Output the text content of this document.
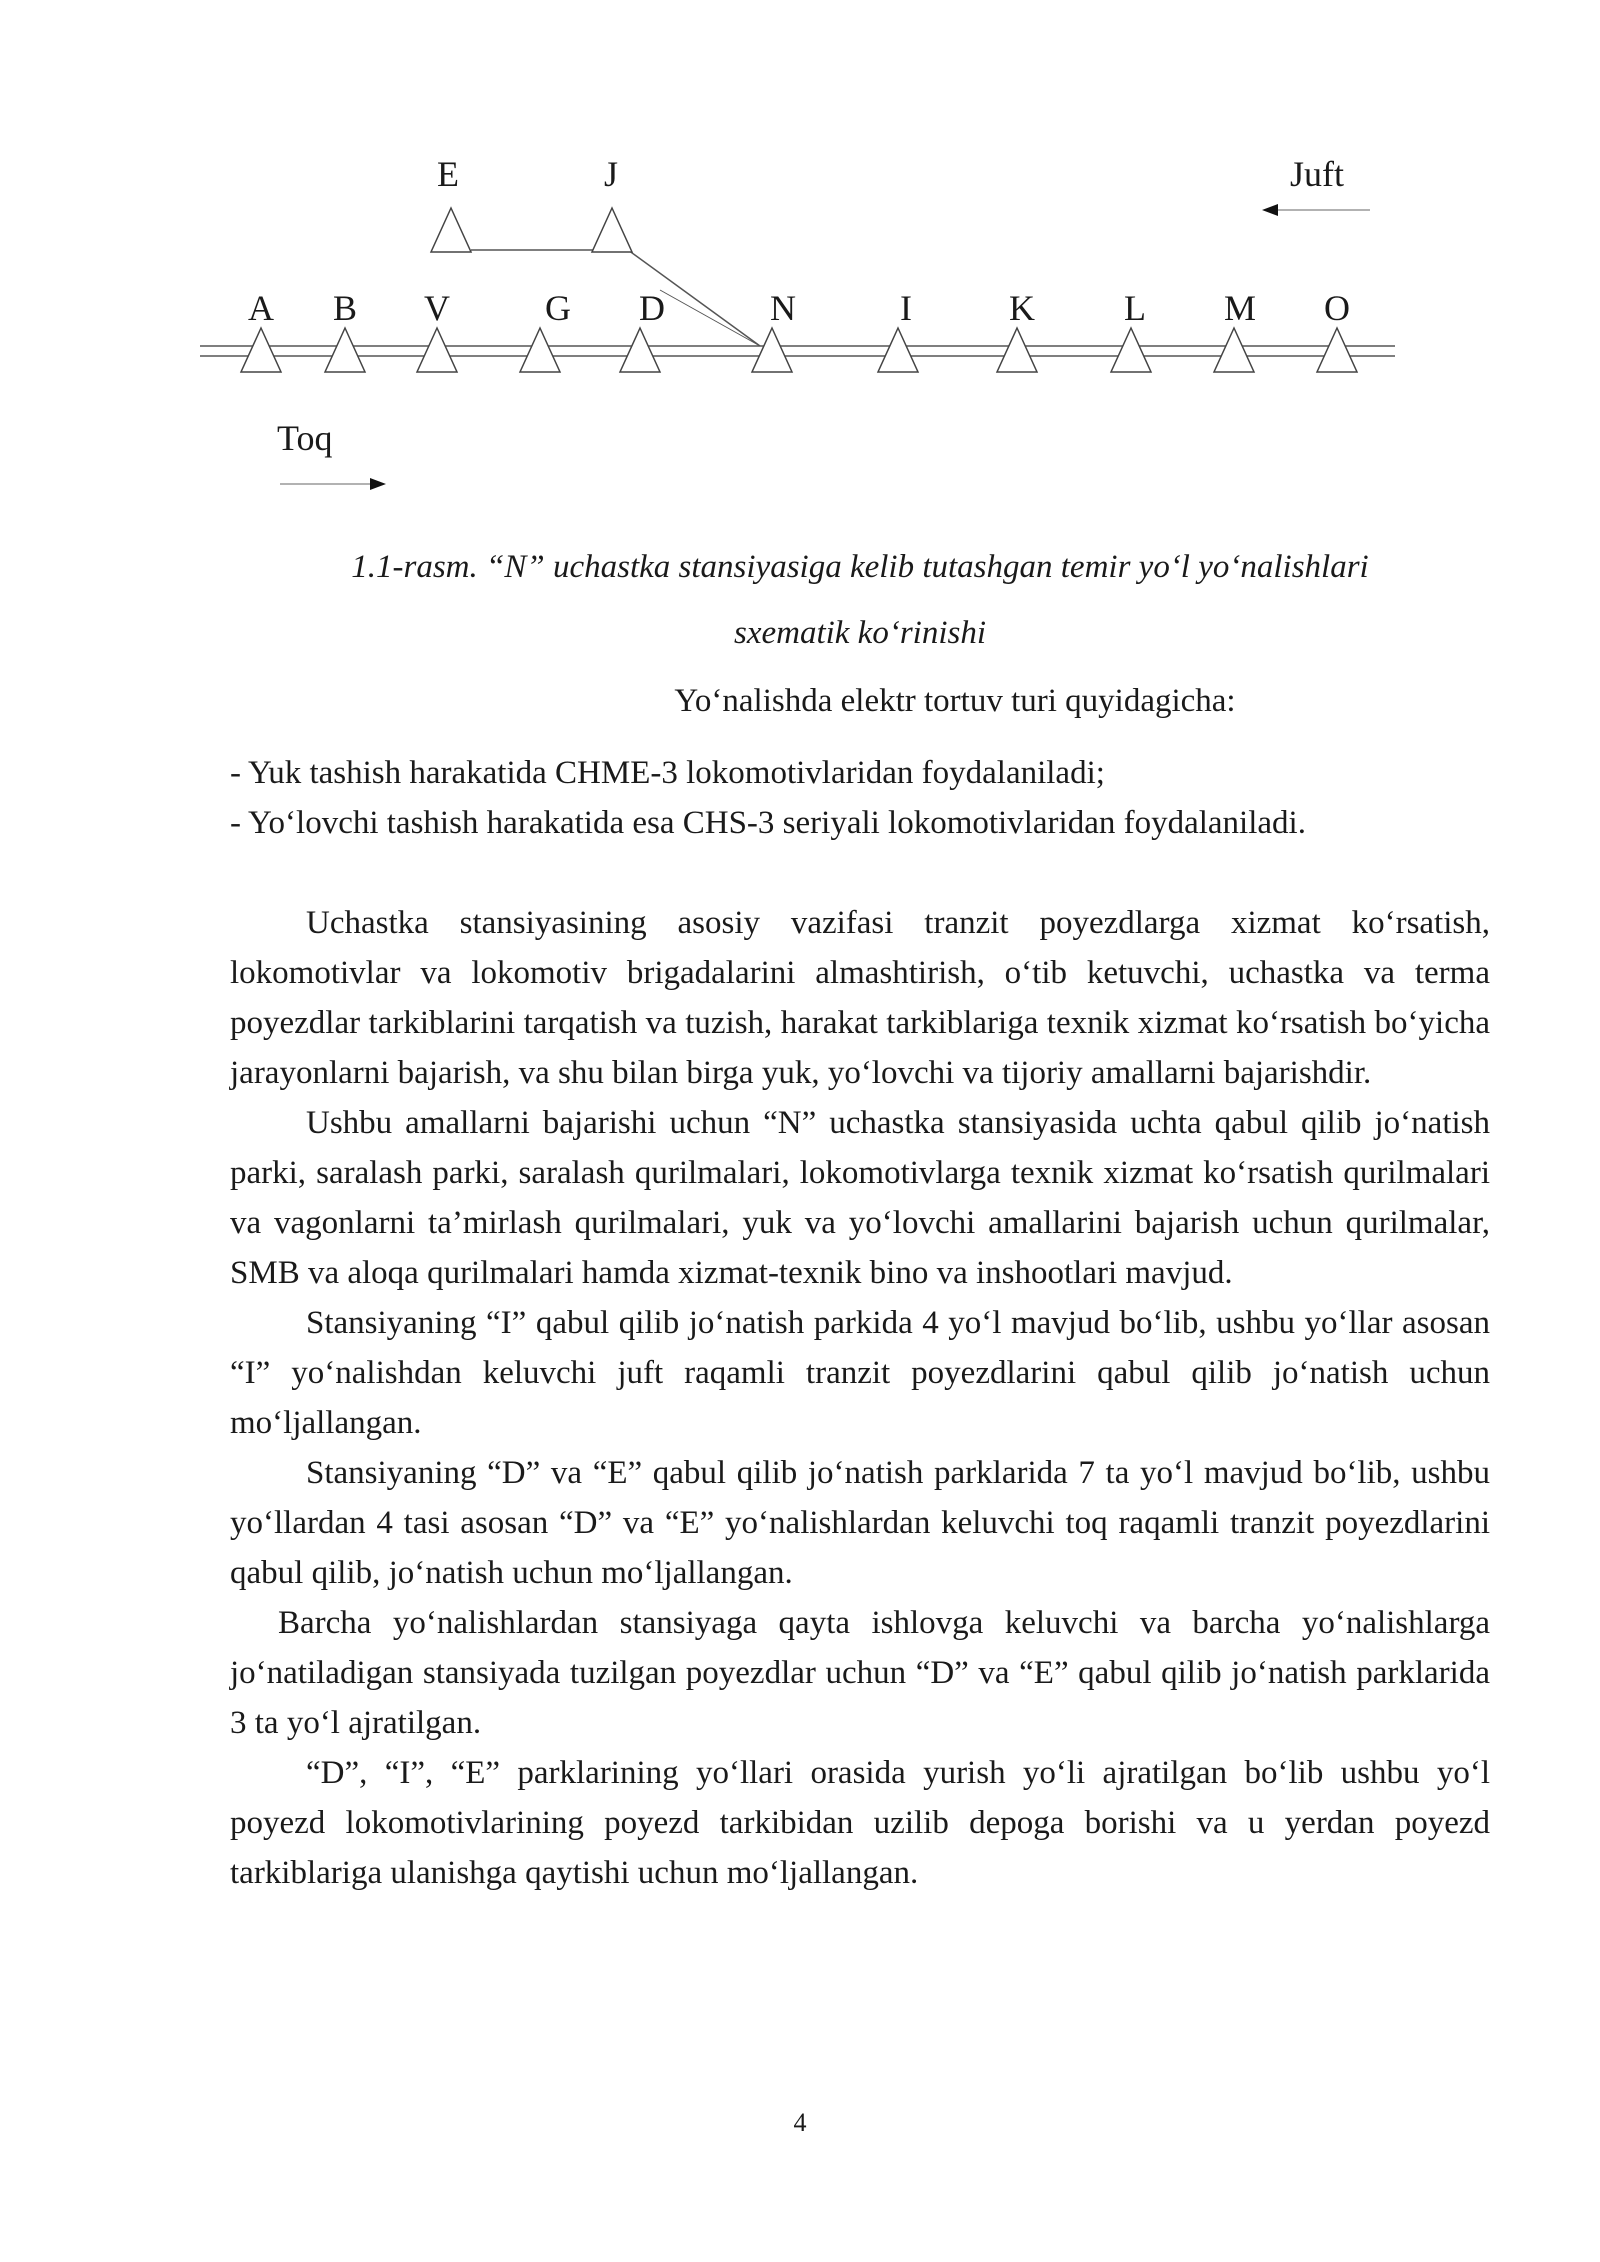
E	J	Juft
Toq
A B V	G D	N	I	K L M O

1.1-rasm. “N” uchastka stansiyasiga kelib tutashgan temir yo‘l yo‘nalishlari
sxematik ko‘rinishi

Yo‘nalishda elektr tortuv turi quyidagicha:

- Yuk tashish harakatida CHME-3 lokomotivlaridan foydalaniladi;
- Yo‘lovchi tashish harakatida esa CHS-3 seriyali lokomotivlaridan foydalaniladi.

Uchastka stansiyasining asosiy vazifasi tranzit poyezdlarga xizmat ko‘rsatish, lokomotivlar va lokomotiv brigadalarini almashtirish, o‘tib ketuvchi, uchastka va terma poyezdlar tarkiblarini tarqatish va tuzish, harakat tarkiblariga texnik xizmat ko‘rsatish bo‘yicha jarayonlarni bajarish, va shu bilan birga yuk, yo‘lovchi va tijoriy amallarni bajarishdir.

Ushbu amallarni bajarishi uchun “N” uchastka stansiyasida uchta qabul qilib jo‘natish parki, saralash parki, saralash qurilmalari, lokomotivlarga texnik xizmat ko‘rsatish qurilmalari va vagonlarni ta’mirlash qurilmalari, yuk va yo‘lovchi amallarini bajarish uchun qurilmalar, SMB va aloqa qurilmalari hamda xizmat-texnik bino va inshootlari mavjud.

Stansiyaning “I” qabul qilib jo‘natish parkida 4 yo‘l mavjud bo‘lib, ushbu yo‘llar asosan “I” yo‘nalishdan keluvchi juft raqamli tranzit poyezdlarini qabul qilib jo‘natish uchun mo‘ljallangan.

Stansiyaning “D” va “E” qabul qilib jo‘natish parklarida 7 ta yo‘l mavjud bo‘lib, ushbu yo‘llardan 4 tasi asosan “D” va “E” yo‘nalishlardan keluvchi toq raqamli tranzit poyezdlarini qabul qilib, jo‘natish uchun mo‘ljallangan.

Barcha yo‘nalishlardan stansiyaga qayta ishlovga keluvchi va barcha yo‘nalishlarga jo‘natiladigan stansiyada tuzilgan poyezdlar uchun “D” va “E” qabul qilib jo‘natish parklarida 3 ta yo‘l ajratilgan.

“D”, “I”, “E” parklarining yo‘llari orasida yurish yo‘li ajratilgan bo‘lib ushbu yo‘l poyezd lokomotivlarining poyezd tarkibidan uzilib depoga borishi va u yerdan poyezd tarkiblariga ulanishga qaytishi uchun mo‘ljallangan.

4
